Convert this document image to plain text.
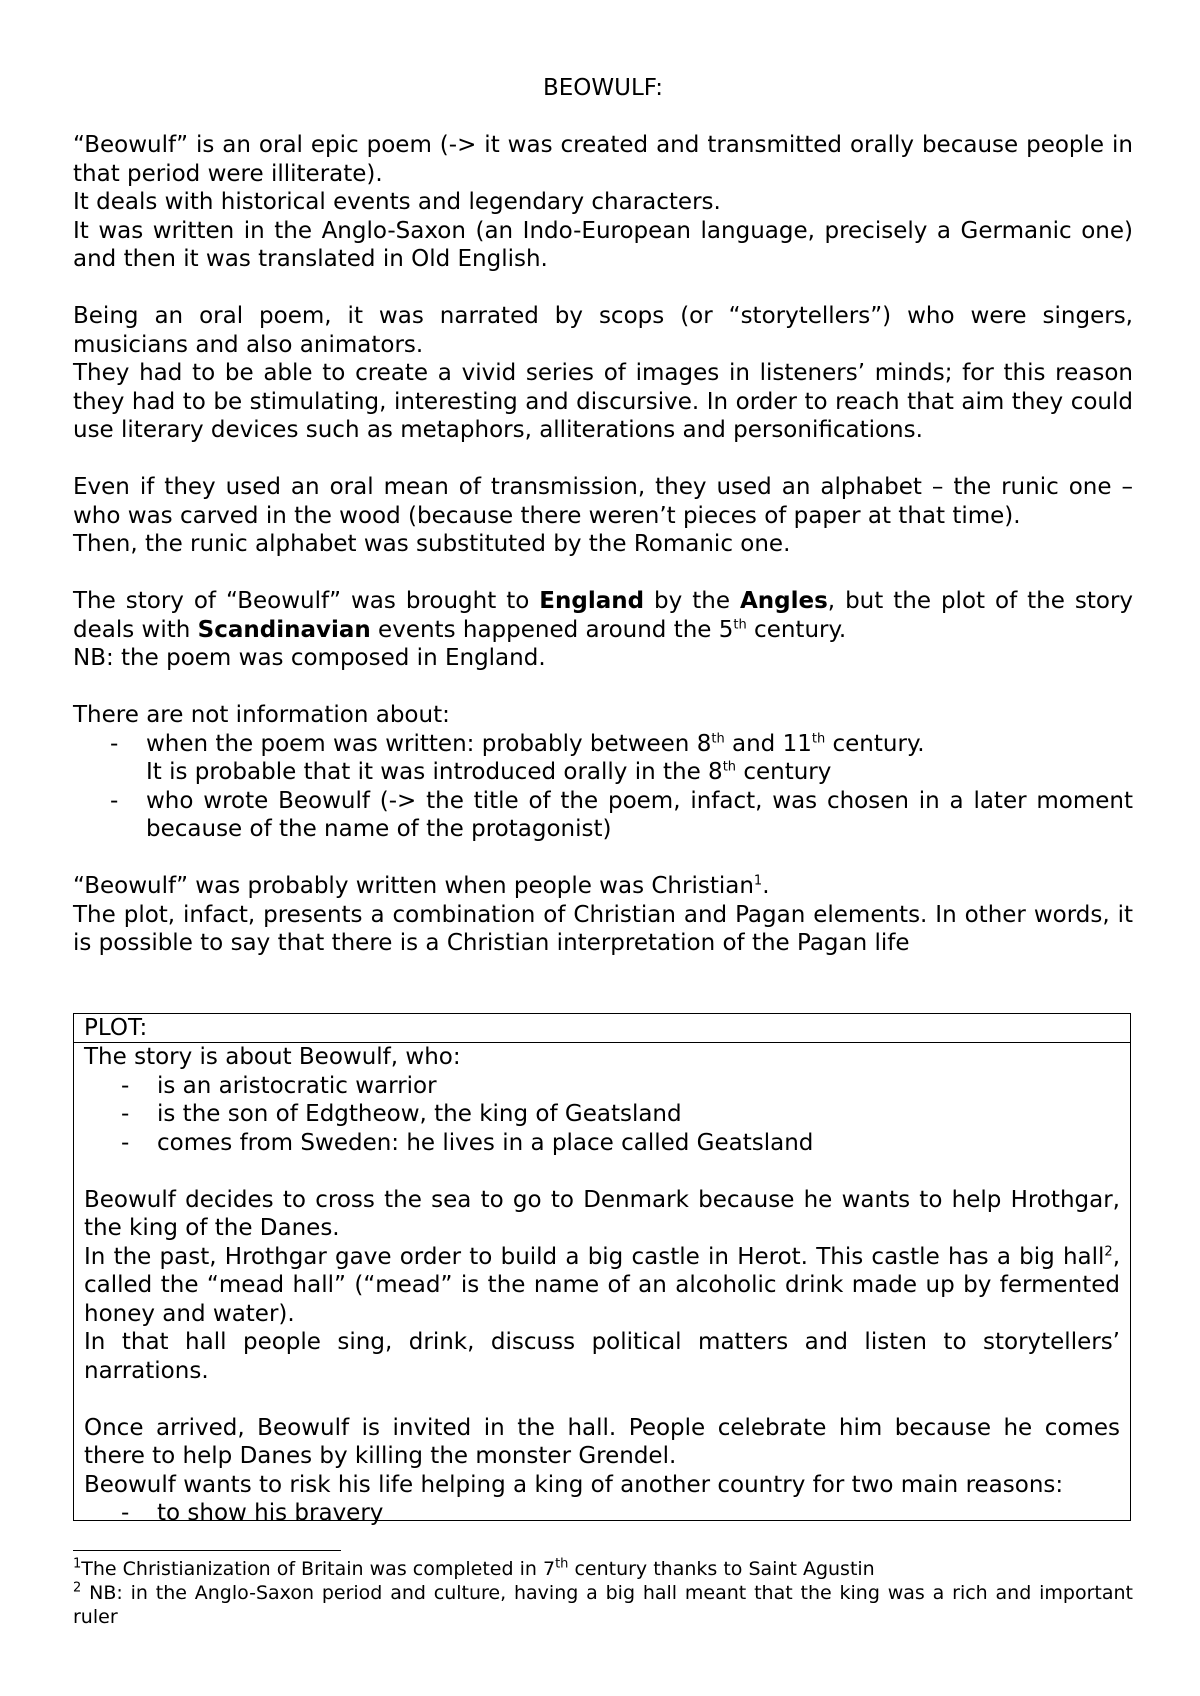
BEOWULF:

“Beowulf” is an oral epic poem (-> it was created and transmitted orally because people in that period were illiterate).

It deals with historical events and legendary characters.

It was written in the Anglo-Saxon (an Indo-European language, precisely a Germanic one) and then it was translated in Old English.

Being an oral poem, it was narrated by scops (or “storytellers”) who were singers, musicians and also animators.

They had to be able to create a vivid series of images in listeners’ minds; for this reason they had to be stimulating, interesting and discursive. In order to reach that aim they could use literary devices such as metaphors, alliterations and personifications.

Even if they used an oral mean of transmission, they used an alphabet – the runic one – who was carved in the wood (because there weren’t pieces of paper at that time).

Then, the runic alphabet was substituted by the Romanic one.

The story of “Beowulf” was brought to England by the Angles, but the plot of the story deals with Scandinavian events happened around the 5th century.

NB: the poem was composed in England.

There are not information about:

- when the poem was written: probably between 8th and 11th century.
It is probable that it was introduced orally in the 8th century
- who wrote Beowulf (-> the title of the poem, infact, was chosen in a later moment because of the name of the protagonist)

“Beowulf” was probably written when people was Christian$^1$.

The plot, infact, presents a combination of Christian and Pagan elements. In other words, it is possible to say that there is a Christian interpretation of the Pagan life

PLOT:

The story is about Beowulf, who:

- is an aristocratic warrior
- is the son of Edgtheow, the king of Geatsland
- comes from Sweden: he lives in a place called Geatsland

Beowulf decides to cross the sea to go to Denmark because he wants to help Hrothgar, the king of the Danes.

In the past, Hrothgar gave order to build a big castle in Herot. This castle has a big hall$^2$, called the “mead hall” (“mead” is the name of an alcoholic drink made up by fermented honey and water).

In that hall people sing, drink, discuss political matters and listen to storytellers’ narrations.

Once arrived, Beowulf is invited in the hall. People celebrate him because he comes there to help Danes by killing the monster Grendel.

Beowulf wants to risk his life helping a king of another country for two main reasons:

- to show his bravery

$^1$The Christianization of Britain was completed in 7th century thanks to Saint Agustin

$^2$ NB: in the Anglo-Saxon period and culture, having a big hall meant that the king was a rich and important ruler
